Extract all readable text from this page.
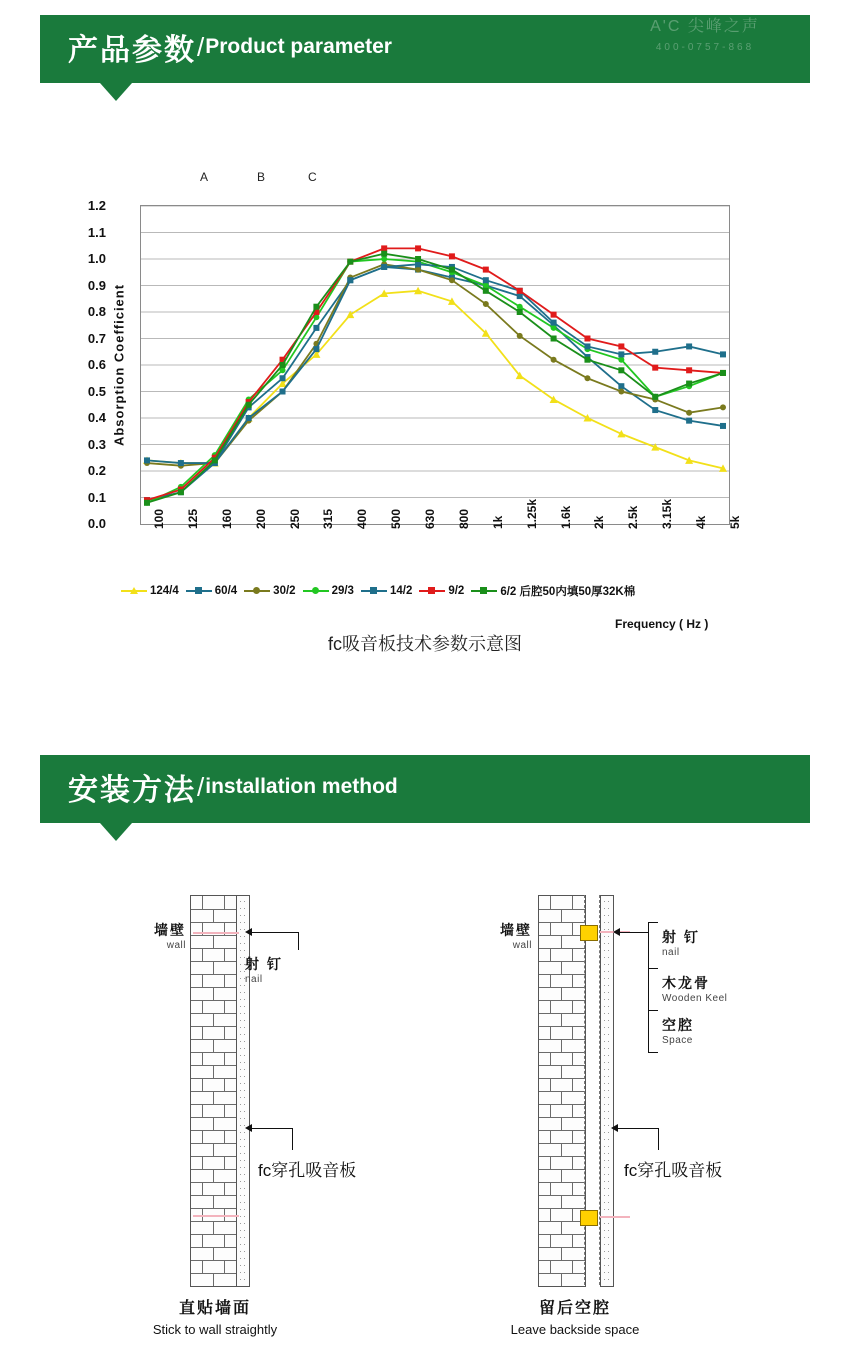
产品参数 / Product parameter
A'C 尖峰之声
400-0757-868
A	B	C
Absorption Coefficient
0.0
0.1
0.2
0.3
0.4
0.5
0.6
0.7
0.8
0.9
1.0
1.1
1.2
100 125 160 200 250 315 400 500 630 800 1k 1.25k 1.6k 2k 2.5k 3.15k 4k 5k
Frequency ( Hz )
124/4	60/4	30/2	29/3	14/2	9/2	6/2 后腔50内填50厚32K棉
fc吸音板技术参数示意图
安装方法 / installation method
墙壁
wall
射 钉
nail
fc穿孔吸音板
直贴墙面
Stick to wall straightly
墙壁
wall
射 钉
nail
木龙骨
Wooden Keel
空腔
Space
fc穿孔吸音板
留后空腔
Leave backside space
